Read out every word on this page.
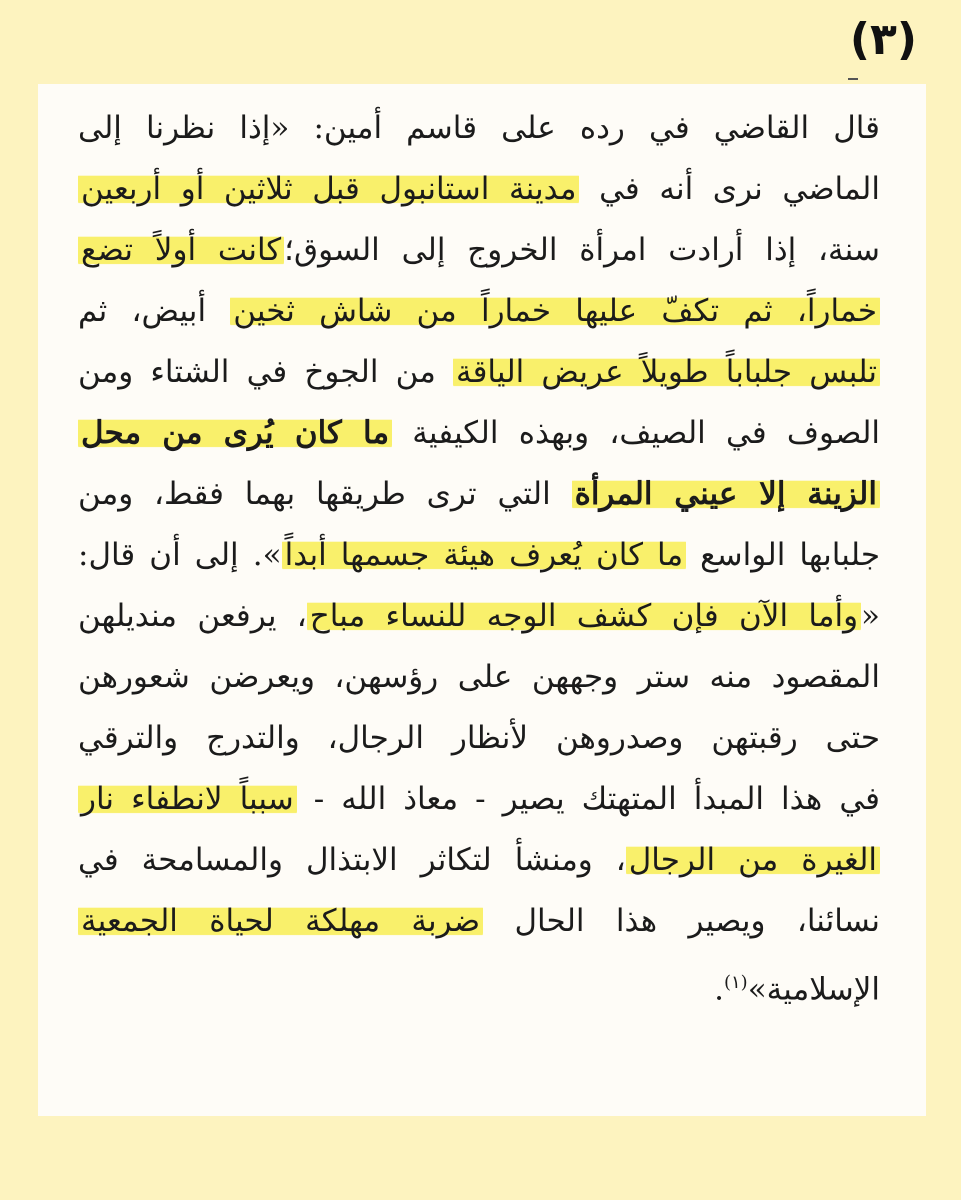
(٣)
قال القاضي في رده على قاسم أمين: «إذا نظرنا إلى
الماضي نرى أنه في مدينة استانبول قبل ثلاثين أو أربعين
سنة، إذا أرادت امرأة الخروج إلى السوق؛كانت أولاً تضع
خماراً، ثم تكفّ عليها خماراً من شاش ثخين أبيض، ثم
تلبس جلباباً طويلاً عريض الياقة من الجوخ في الشتاء ومن
الصوف في الصيف، وبهذه الكيفية ما كان يُرى من محل
الزينة إلا عيني المرأة التي ترى طريقها بهما فقط، ومن
جلبابها الواسع ما كان يُعرف هيئة جسمها أبداً». إلى أن قال:
«وأما الآن فإن كشف الوجه للنساء مباح، يرفعن منديلهن
المقصود منه ستر وجههن على رؤسهن، ويعرضن شعورهن
حتى رقبتهن وصدروهن لأنظار الرجال، والتدرج والترقي
في هذا المبدأ المتهتك يصير - معاذ الله - سبباً لانطفاء نار
الغيرة من الرجال، ومنشأ لتكاثر الابتذال والمسامحة في
نسائنا، ويصير هذا الحال ضربة مهلكة لحياة الجمعية
الإسلامية»$^{(١)}$.
